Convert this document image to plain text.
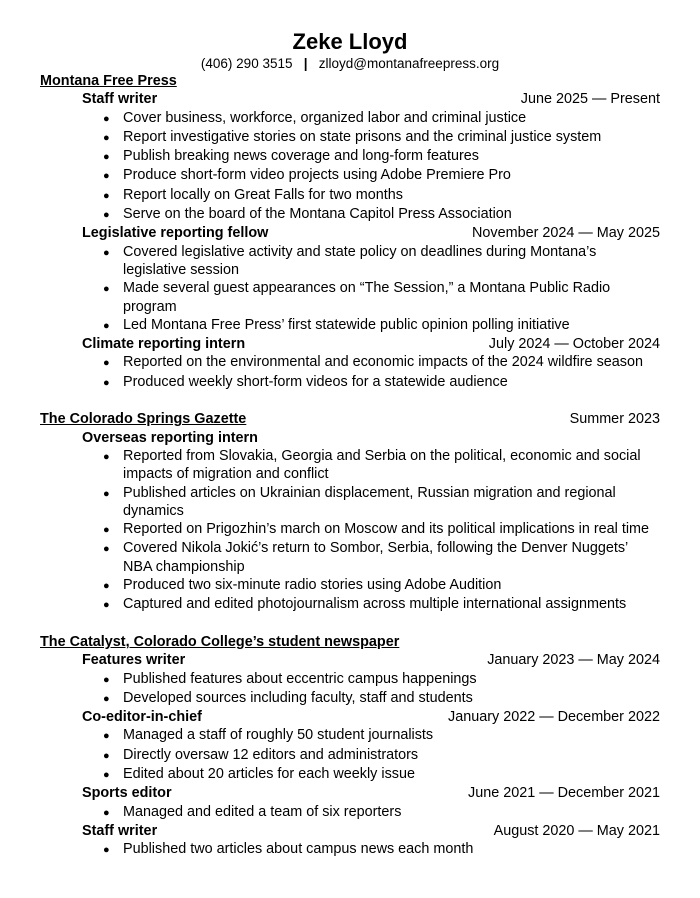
Zeke Lloyd
(406) 290 3515 | zlloyd@montanafreepress.org
Montana Free Press
Staff writer	June 2025 — Present
● Cover business, workforce, organized labor and criminal justice
● Report investigative stories on state prisons and the criminal justice system
● Publish breaking news coverage and long-form features
● Produce short-form video projects using Adobe Premiere Pro
● Report locally on Great Falls for two months
● Serve on the board of the Montana Capitol Press Association
Legislative reporting fellow	November 2024 — May 2025
● Covered legislative activity and state policy on deadlines during Montana’s legislative session
● Made several guest appearances on “The Session,” a Montana Public Radio program
● Led Montana Free Press’ first statewide public opinion polling initiative
Climate reporting intern	July 2024 — October 2024
● Reported on the environmental and economic impacts of the 2024 wildfire season
● Produced weekly short-form videos for a statewide audience
The Colorado Springs Gazette	Summer 2023
Overseas reporting intern
● Reported from Slovakia, Georgia and Serbia on the political, economic and social impacts of migration and conflict
● Published articles on Ukrainian displacement, Russian migration and regional dynamics
● Reported on Prigozhin’s march on Moscow and its political implications in real time
● Covered Nikola Jokić’s return to Sombor, Serbia, following the Denver Nuggets’ NBA championship
● Produced two six-minute radio stories using Adobe Audition
● Captured and edited photojournalism across multiple international assignments
The Catalyst, Colorado College’s student newspaper
Features writer	January 2023 — May 2024
● Published features about eccentric campus happenings
● Developed sources including faculty, staff and students
Co-editor-in-chief	January 2022 — December 2022
● Managed a staff of roughly 50 student journalists
● Directly oversaw 12 editors and administrators
● Edited about 20 articles for each weekly issue
Sports editor	June 2021 — December 2021
● Managed and edited a team of six reporters
Staff writer	August 2020 — May 2021
● Published two articles about campus news each month
